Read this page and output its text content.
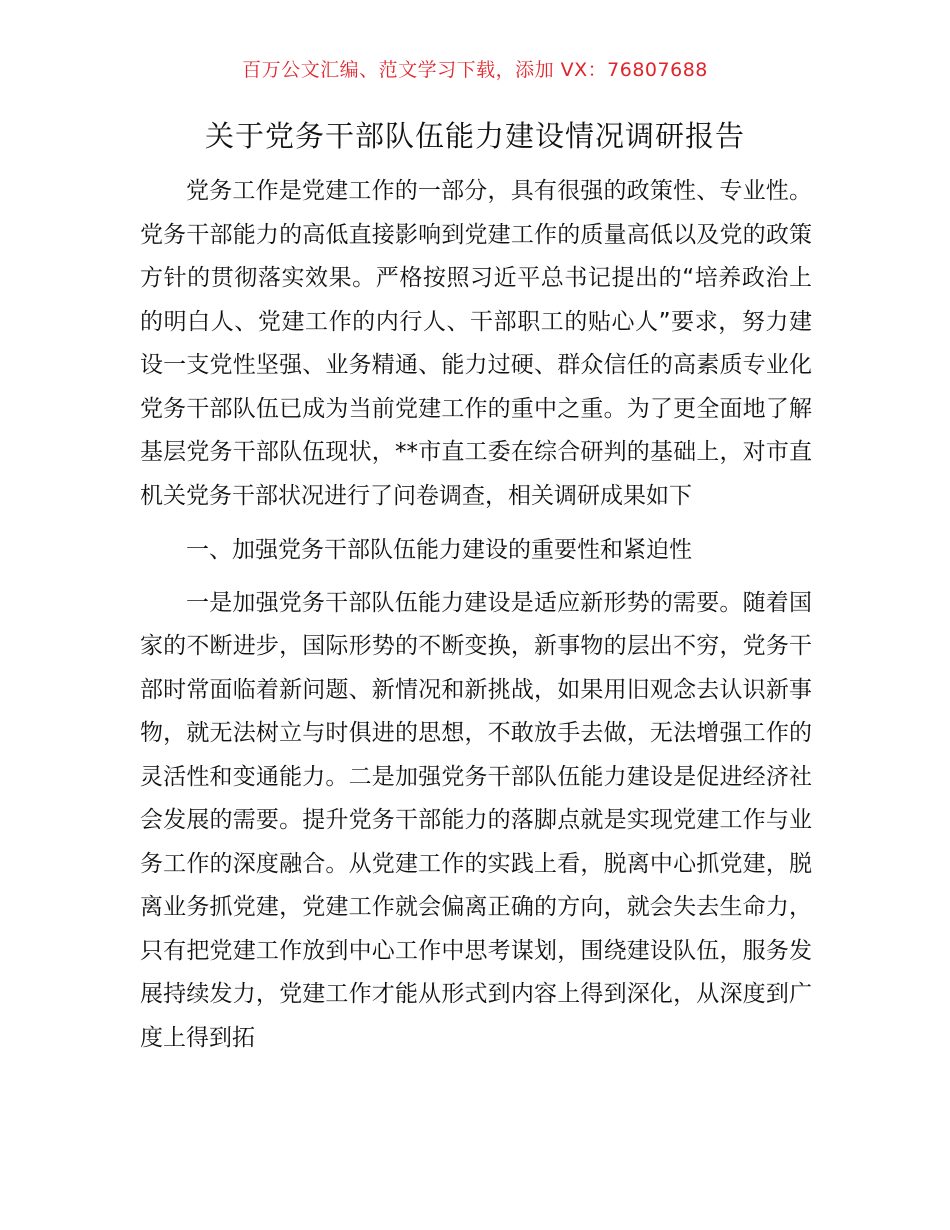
百万公文汇编、范文学习下载，添加 VX：76807688
关于党务干部队伍能力建设情况调研报告

党务工作是党建工作的一部分，具有很强的政策性、专业性。党务干部能力的高低直接影响到党建工作的质量高低以及党的政策方针的贯彻落实效果。严格按照习近平总书记提出的“培养政治上的明白人、党建工作的内行人、干部职工的贴心人”要求，努力建设一支党性坚强、业务精通、能力过硬、群众信任的高素质专业化党务干部队伍已成为当前党建工作的重中之重。为了更全面地了解基层党务干部队伍现状，**市直工委在综合研判的基础上，对市直机关党务干部状况进行了问卷调查，相关调研成果如下

一、加强党务干部队伍能力建设的重要性和紧迫性

一是加强党务干部队伍能力建设是适应新形势的需要。随着国家的不断进步，国际形势的不断变换，新事物的层出不穷，党务干部时常面临着新问题、新情况和新挑战，如果用旧观念去认识新事物，就无法树立与时俱进的思想，不敢放手去做，无法增强工作的灵活性和变通能力。二是加强党务干部队伍能力建设是促进经济社会发展的需要。提升党务干部能力的落脚点就是实现党建工作与业务工作的深度融合。从党建工作的实践上看，脱离中心抓党建，脱离业务抓党建，党建工作就会偏离正确的方向，就会失去生命力，只有把党建工作放到中心工作中思考谋划，围绕建设队伍，服务发展持续发力，党建工作才能从形式到内容上得到深化，从深度到广度上得到拓
